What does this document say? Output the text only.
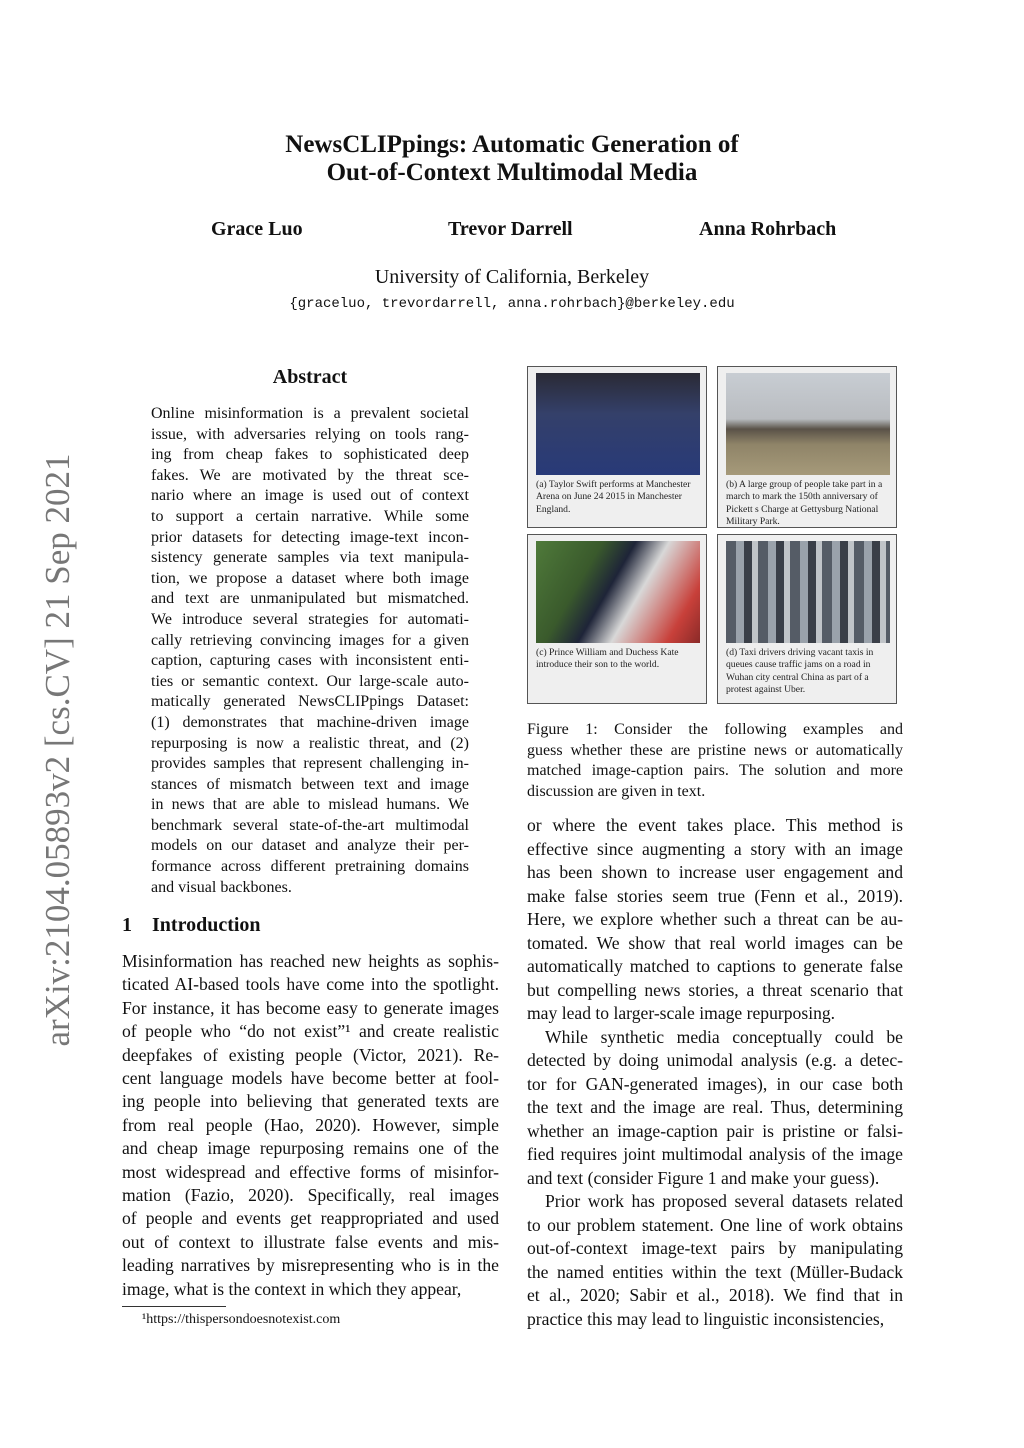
arXiv:2104.05893v2 [cs.CV] 21 Sep 2021
NewsCLIPpings: Automatic Generation of
Out-of-Context Multimodal Media
Grace Luo	Trevor Darrell	Anna Rohrbach
University of California, Berkeley
{graceluo, trevordarrell, anna.rohrbach}@berkeley.edu
Abstract
Online misinformation is a prevalent societal
issue, with adversaries relying on tools rang-
ing from cheap fakes to sophisticated deep
fakes. We are motivated by the threat sce-
nario where an image is used out of context
to support a certain narrative. While some
prior datasets for detecting image-text incon-
sistency generate samples via text manipula-
tion, we propose a dataset where both image
and text are unmanipulated but mismatched.
We introduce several strategies for automati-
cally retrieving convincing images for a given
caption, capturing cases with inconsistent enti-
ties or semantic context. Our large-scale auto-
matically generated NewsCLIPpings Dataset:
(1) demonstrates that machine-driven image
repurposing is now a realistic threat, and (2)
provides samples that represent challenging in-
stances of mismatch between text and image
in news that are able to mislead humans. We
benchmark several state-of-the-art multimodal
models on our dataset and analyze their per-
formance across different pretraining domains
and visual backbones.
1    Introduction
Misinformation has reached new heights as sophis-
ticated AI-based tools have come into the spotlight.
For instance, it has become easy to generate images
of people who “do not exist”¹ and create realistic
deepfakes of existing people (Victor, 2021). Re-
cent language models have become better at fool-
ing people into believing that generated texts are
from real people (Hao, 2020). However, simple
and cheap image repurposing remains one of the
most widespread and effective forms of misinfor-
mation (Fazio, 2020). Specifically, real images
of people and events get reappropriated and used
out of context to illustrate false events and mis-
leading narratives by misrepresenting who is in the
image, what is the context in which they appear,
¹https://thispersondoesnotexist.com
(a) Taylor Swift performs at Manchester Arena on June 24 2015 in Manchester England.
(b) A large group of people take part in a march to mark the 150th anniversary of Pickett s Charge at Gettysburg National Military Park.
(c) Prince William and Duchess Kate introduce their son to the world.
(d) Taxi drivers driving vacant taxis in queues cause traffic jams on a road in Wuhan city central China as part of a protest against Uber.
Figure 1: Consider the following examples and
guess whether these are pristine news or automatically
matched image-caption pairs. The solution and more
discussion are given in text.
or where the event takes place. This method is
effective since augmenting a story with an image
has been shown to increase user engagement and
make false stories seem true (Fenn et al., 2019).
Here, we explore whether such a threat can be au-
tomated. We show that real world images can be
automatically matched to captions to generate false
but compelling news stories, a threat scenario that
may lead to larger-scale image repurposing.
While synthetic media conceptually could be
detected by doing unimodal analysis (e.g. a detec-
tor for GAN-generated images), in our case both
the text and the image are real. Thus, determining
whether an image-caption pair is pristine or falsi-
fied requires joint multimodal analysis of the image
and text (consider Figure 1 and make your guess).
Prior work has proposed several datasets related
to our problem statement. One line of work obtains
out-of-context image-text pairs by manipulating
the named entities within the text (Müller-Budack
et al., 2020; Sabir et al., 2018). We find that in
practice this may lead to linguistic inconsistencies,
